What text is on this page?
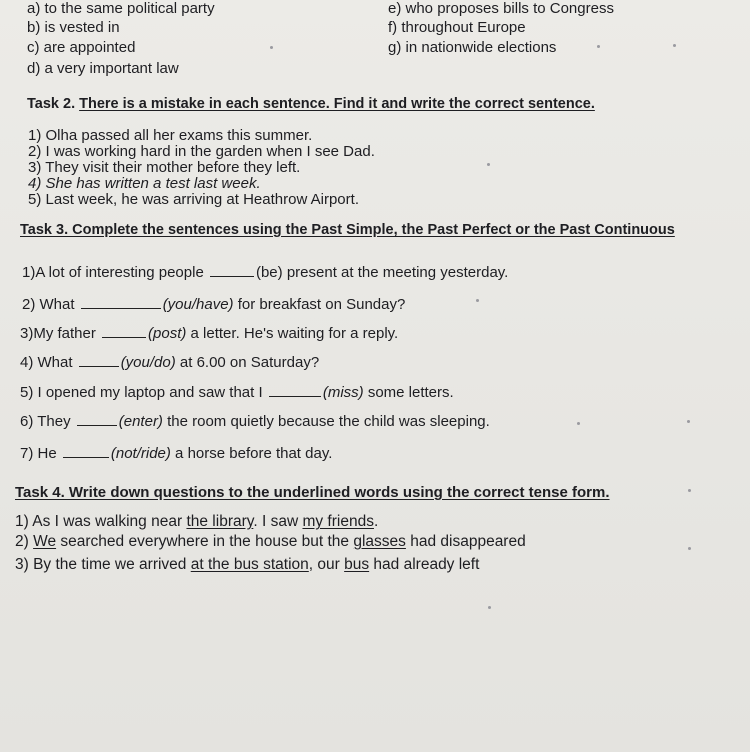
a) to the same political party
b) is vested in
c) are appointed
d) a very important law
e) who proposes bills to Congress
f) throughout Europe
g) in nationwide elections
Task 2. There is a mistake in each sentence. Find it and write the correct sentence.
1) Olha passed all her exams this summer.
2) I was working hard in the garden when I see Dad.
3) They visit their mother before they left.
4) She has written a test last week.
5) Last week, he was arriving at Heathrow Airport.
Task 3. Complete the sentences using the Past Simple, the Past Perfect or the Past Continuous
1)A lot of interesting people	(be) present at the meeting yesterday.
2) What	(you/have) for breakfast on Sunday?
3)My father	(post) a letter. He's waiting for a reply.
4) What	(you/do) at 6.00 on Saturday?
5) I opened my laptop and saw that I	(miss) some letters.
6) They	(enter) the room quietly because the child was sleeping.
7) He	(not/ride) a horse before that day.
Task 4. Write down questions to the underlined words using the correct tense form.
1) As I was walking near the library. I saw my friends.
2) We searched everywhere in the house but the glasses had disappeared
3) By the time we arrived at the bus station, our bus had already left
